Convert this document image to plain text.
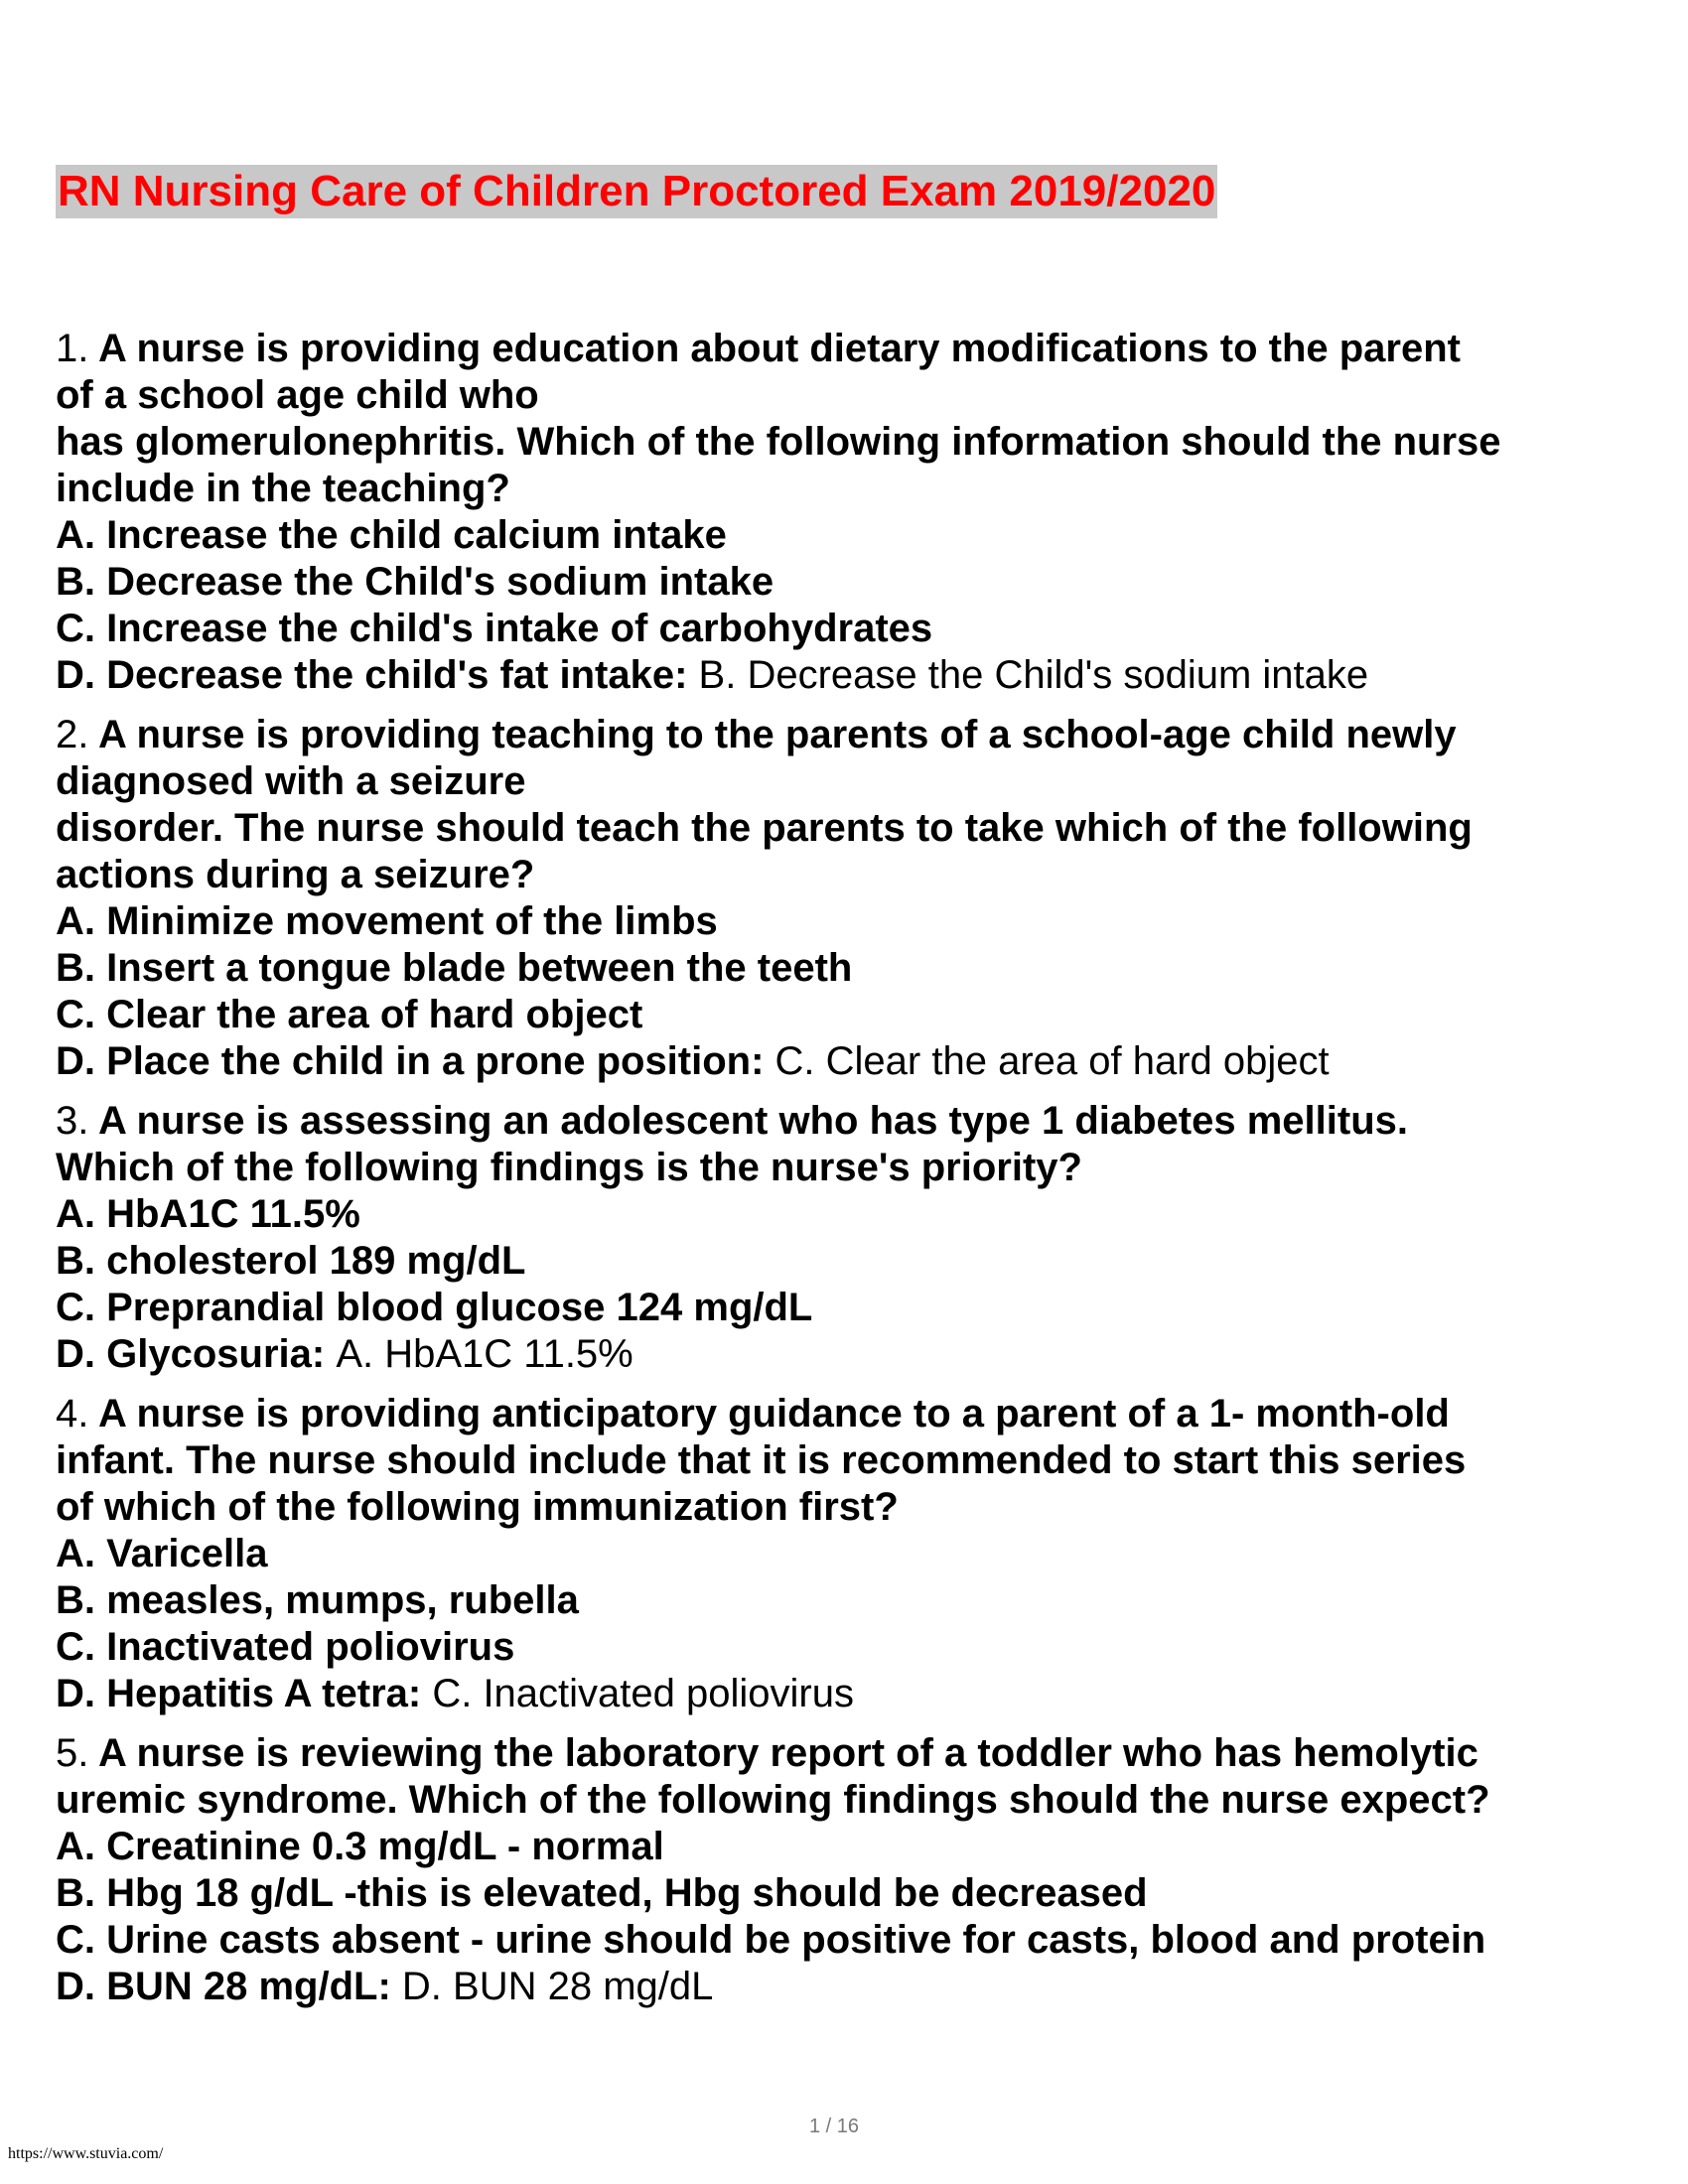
RN Nursing Care of Children Proctored Exam 2019/2020
1. A nurse is providing education about dietary modifications to the parent
of a school age child who
has glomerulonephritis. Which of the following information should the nurse
include in the teaching?
A. Increase the child calcium intake
B. Decrease the Child's sodium intake
C. Increase the child's intake of carbohydrates
D. Decrease the child's fat intake: B. Decrease the Child's sodium intake
2. A nurse is providing teaching to the parents of a school-age child newly
diagnosed with a seizure
disorder. The nurse should teach the parents to take which of the following
actions during a seizure?
A. Minimize movement of the limbs
B. Insert a tongue blade between the teeth
C. Clear the area of hard object
D. Place the child in a prone position: C. Clear the area of hard object
3. A nurse is assessing an adolescent who has type 1 diabetes mellitus.
Which of the following findings is the nurse's priority?
A. HbA1C 11.5%
B. cholesterol 189 mg/dL
C. Preprandial blood glucose 124 mg/dL
D. Glycosuria: A. HbA1C 11.5%
4. A nurse is providing anticipatory guidance to a parent of a 1- month-old
infant. The nurse should include that it is recommended to start this series
of which of the following immunization first?
A. Varicella
B. measles, mumps, rubella
C. Inactivated poliovirus
D. Hepatitis A tetra: C. Inactivated poliovirus
5. A nurse is reviewing the laboratory report of a toddler who has hemolytic
uremic syndrome. Which of the following findings should the nurse expect?
A. Creatinine 0.3 mg/dL - normal
B. Hbg 18 g/dL -this is elevated, Hbg should be decreased
C. Urine casts absent - urine should be positive for casts, blood and protein
D. BUN 28 mg/dL: D. BUN 28 mg/dL
1 / 16
https://www.stuvia.com/
